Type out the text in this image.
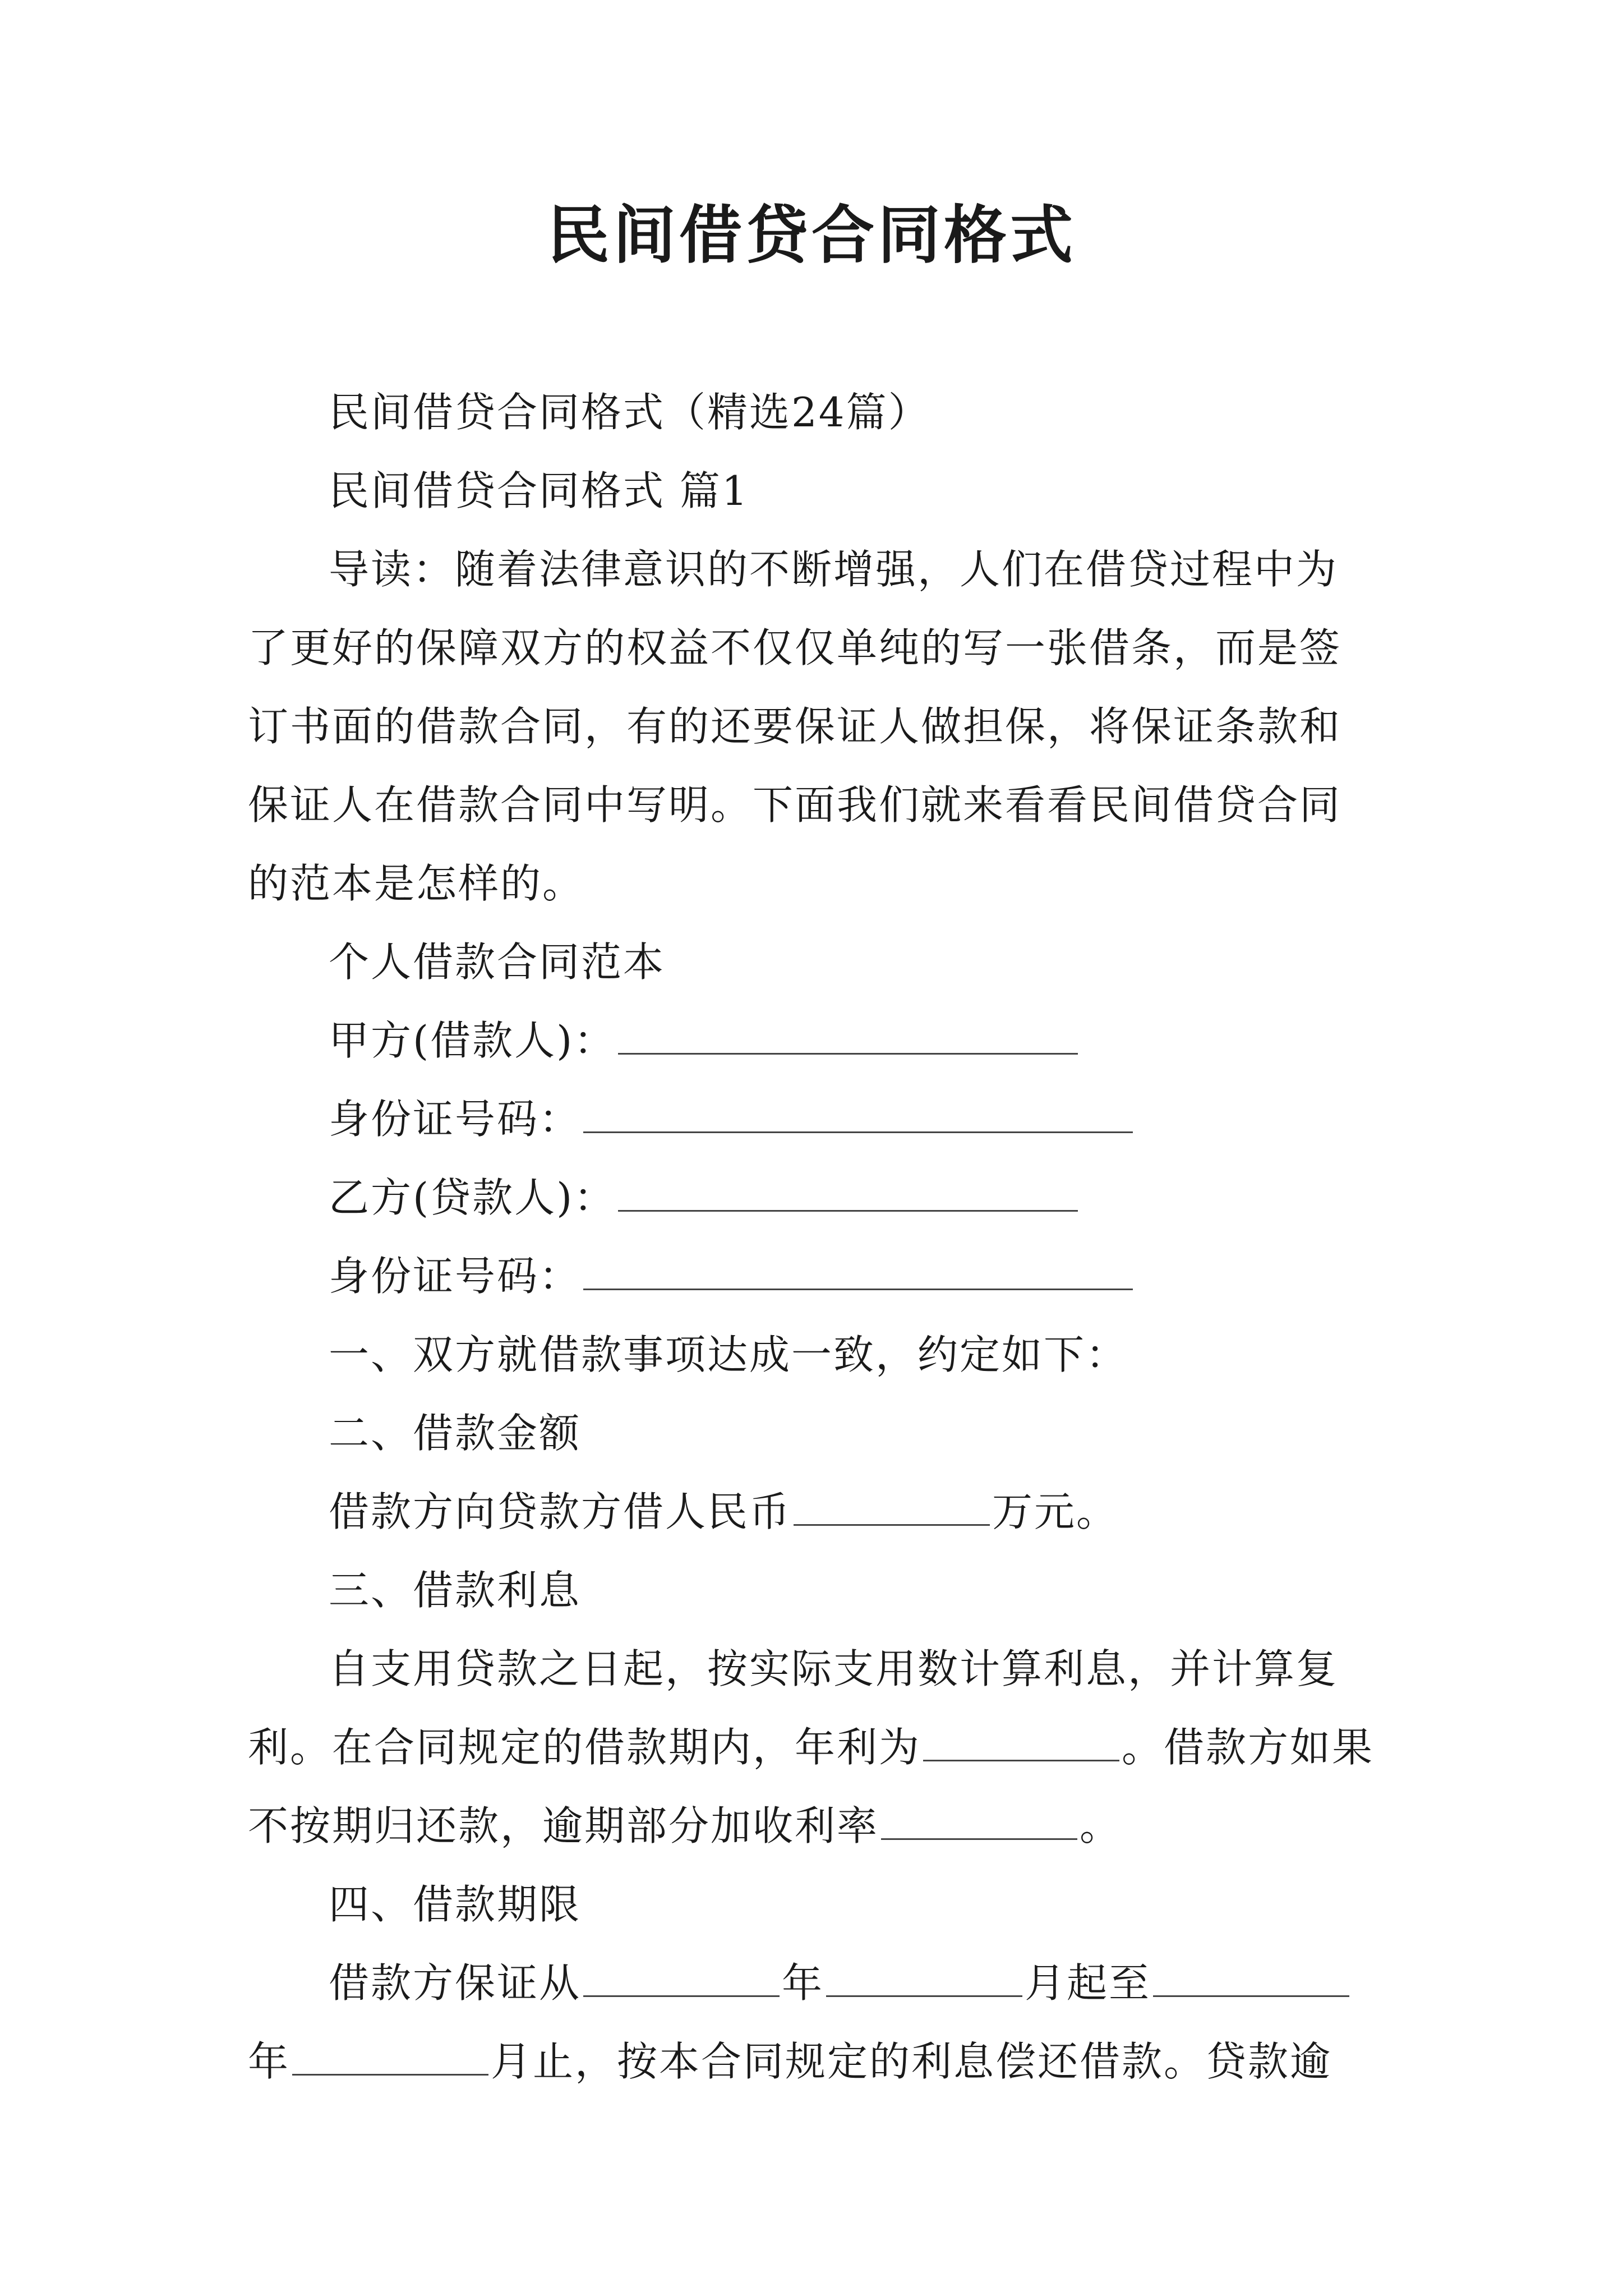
民间借贷合同格式

民间借贷合同格式（精选24篇）

民间借贷合同格式 篇1

导读：随着法律意识的不断增强，人们在借贷过程中为了更好的保障双方的权益不仅仅单纯的写一张借条，而是签订书面的借款合同，有的还要保证人做担保，将保证条款和保证人在借款合同中写明。下面我们就来看看民间借贷合同的范本是怎样的。

个人借款合同范本

甲方(借款人)：

身份证号码：

乙方(贷款人)：

身份证号码：

一、双方就借款事项达成一致，约定如下：

二、借款金额

借款方向贷款方借人民币	万元。

三、借款利息

自支用贷款之日起，按实际支用数计算利息，并计算复利。在合同规定的借款期内，年利为	。借款方如果不按期归还款，逾期部分加收利率	。

四、借款期限

借款方保证从	年	月起至年	月止，按本合同规定的利息偿还借款。贷款逾
